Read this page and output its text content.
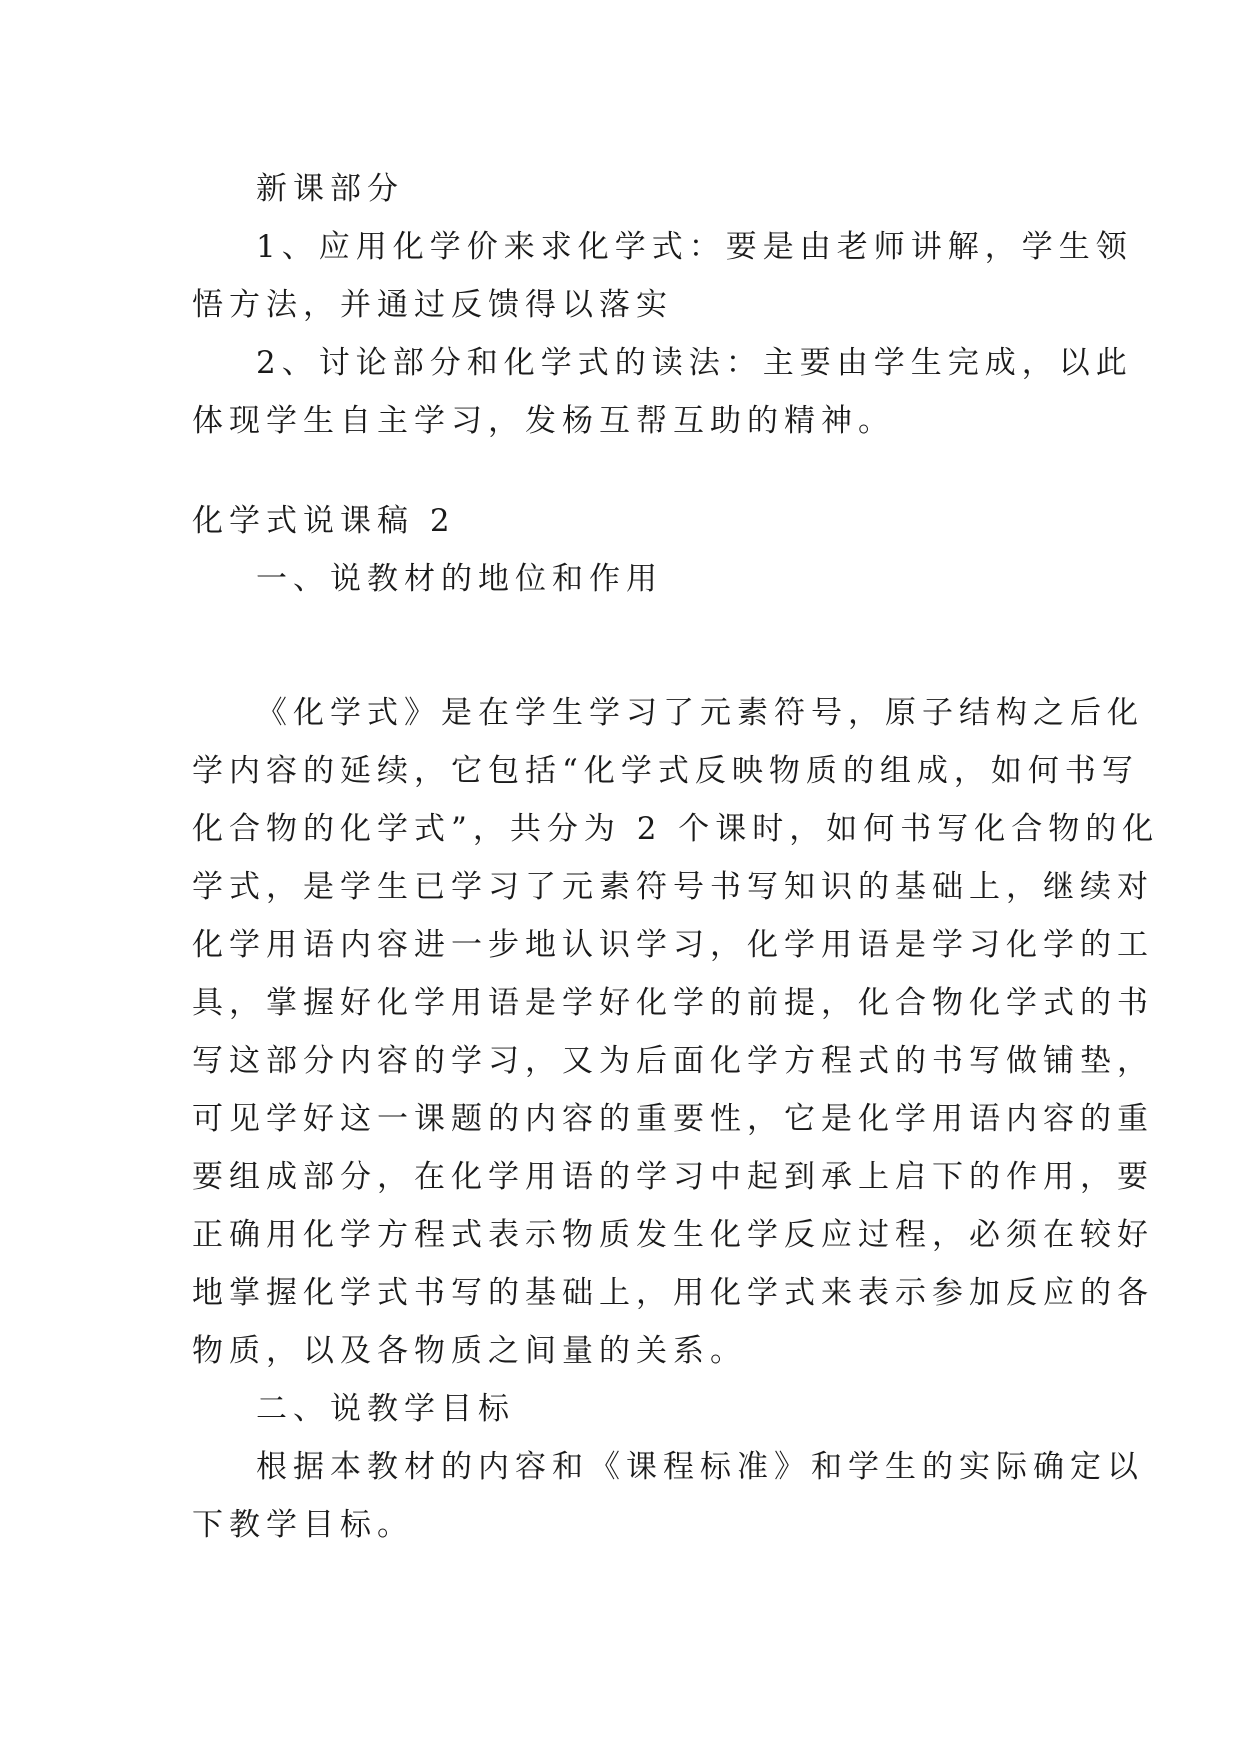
新课部分

1、应用化学价来求化学式：要是由老师讲解，学生领

悟方法，并通过反馈得以落实

2、讨论部分和化学式的读法：主要由学生完成，以此

体现学生自主学习，发杨互帮互助的精神。

化学式说课稿 2

一、说教材的地位和作用

《化学式》是在学生学习了元素符号，原子结构之后化

学内容的延续，它包括“化学式反映物质的组成，如何书写

化合物的化学式”，共分为 2 个课时，如何书写化合物的化

学式，是学生已学习了元素符号书写知识的基础上，继续对

化学用语内容进一步地认识学习，化学用语是学习化学的工

具，掌握好化学用语是学好化学的前提，化合物化学式的书

写这部分内容的学习，又为后面化学方程式的书写做铺垫，

可见学好这一课题的内容的重要性，它是化学用语内容的重

要组成部分，在化学用语的学习中起到承上启下的作用，要

正确用化学方程式表示物质发生化学反应过程，必须在较好

地掌握化学式书写的基础上，用化学式来表示参加反应的各

物质，以及各物质之间量的关系。

二、说教学目标

根据本教材的内容和《课程标准》和学生的实际确定以

下教学目标。
